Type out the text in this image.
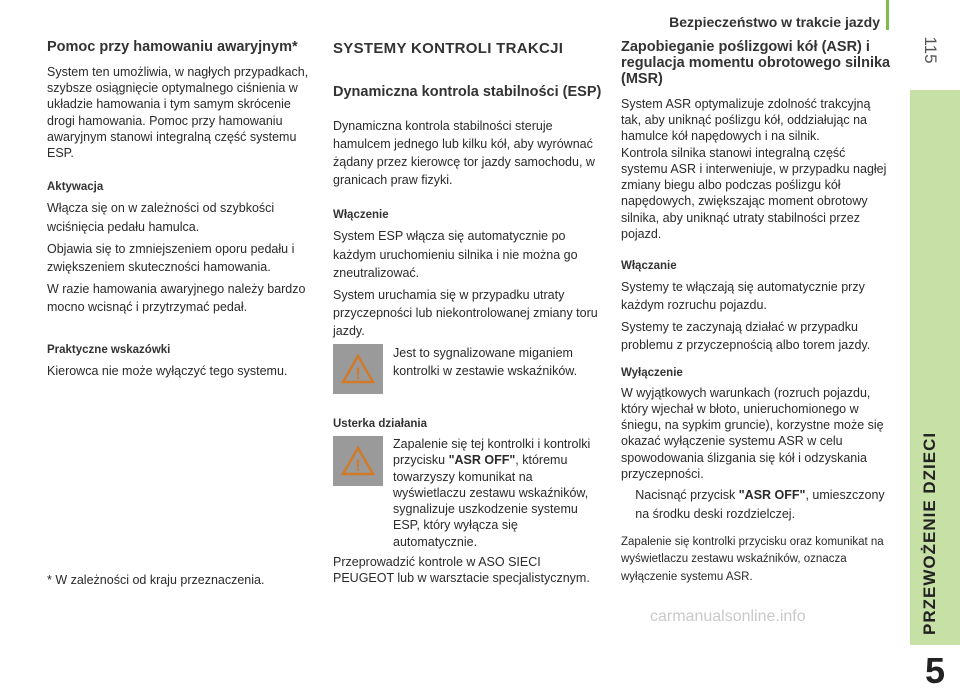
Bezpieczeństwo w trakcie jazdy
115
PRZEWOŻENIE DZIECI
5
Pomoc przy hamowaniu awaryjnym*

System ten umożliwia, w nagłych przypadkach, szybsze osiągnięcie optymalnego ciśnienia w układzie hamowania i tym samym skrócenie drogi hamowania. Pomoc przy hamowaniu awaryjnym stanowi integralną część systemu ESP.

Aktywacja

Włącza się on w zależności od szybkości wciśnięcia pedału hamulca.

Objawia się to zmniejszeniem oporu pedału i zwiększeniem skuteczności hamowania.

W razie hamowania awaryjnego należy bardzo mocno wcisnąć i przytrzymać pedał.

Praktyczne wskazówki

Kierowca nie może wyłączyć tego systemu.

* W zależności od kraju przeznaczenia.

SYSTEMY KONTROLI TRAKCJI
Dynamiczna kontrola stabilności (ESP)

Dynamiczna kontrola stabilności steruje hamulcem jednego lub kilku kół, aby wyrównać żądany przez kierowcę tor jazdy samochodu, w granicach praw fizyki.

Włączenie

System ESP włącza się automatycznie po każdym uruchomieniu silnika i nie można go zneutralizować.

System uruchamia się w przypadku utraty przyczepności lub niekontrolowanej zmiany toru jazdy.

!

Jest to sygnalizowane miganiem kontrolki w zestawie wskaźników.

Usterka działania
!

Zapalenie się tej kontrolki i kontrolki przycisku "ASR OFF", któremu towarzyszy komunikat na wyświetlaczu zestawu wskaźników, sygnalizuje uszkodzenie systemu ESP, który wyłącza się automatycznie.

Przeprowadzić kontrole w ASO SIECI PEUGEOT lub w warsztacie specjalistycznym.

Zapobieganie poślizgowi kół (ASR) i regulacja momentu obrotowego silnika (MSR)

System ASR optymalizuje zdolność trakcyjną tak, aby uniknąć poślizgu kół, oddziałując na hamulce kół napędowych i na silnik.

Kontrola silnika stanowi integralną część systemu ASR i interweniuje, w przypadku nagłej zmiany biegu albo podczas poślizgu kół napędowych, zwiększając moment obrotowy silnika, aby uniknąć utraty stabilności przez pojazd.

Włączanie

Systemy te włączają się automatycznie przy każdym rozruchu pojazdu.

Systemy te zaczynają działać w przypadku problemu z przyczepnością albo torem jazdy.

Wyłączenie

W wyjątkowych warunkach (rozruch pojazdu, który wjechał w błoto, unieruchomionego w śniegu, na sypkim gruncie), korzystne może się okazać wyłączenie systemu ASR w celu spowodowania ślizgania się kół i odzyskania przyczepności.

Nacisnąć przycisk "ASR OFF", umieszczony na środku deski rozdzielczej.

Zapalenie się kontrolki przycisku oraz komunikat na wyświetlaczu zestawu wskaźników, oznacza wyłączenie systemu ASR.

carmanualsonline.info
